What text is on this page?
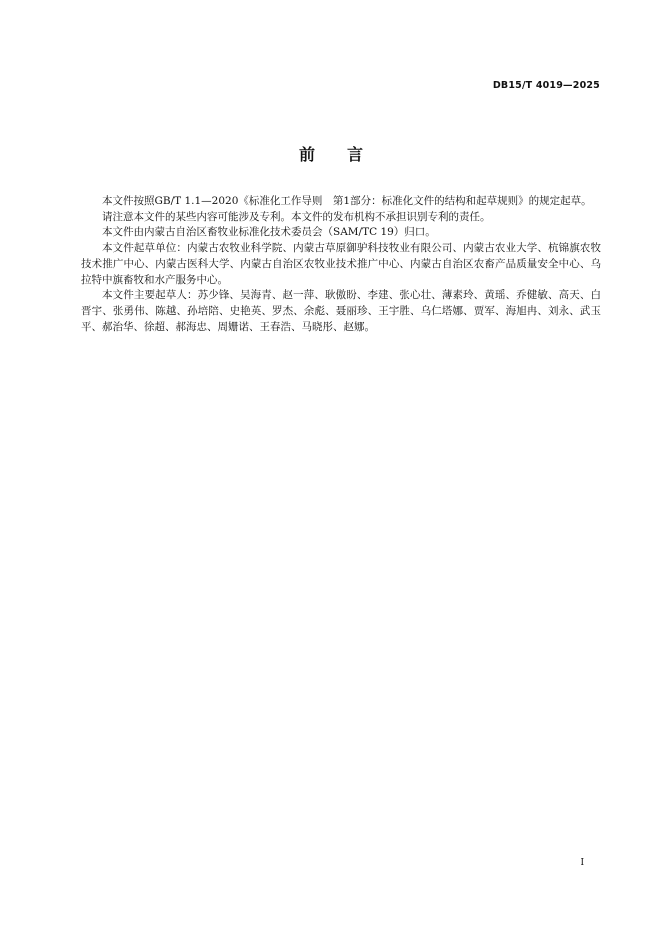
DB15/T 4019—2025
前 言

本文件按照GB/T 1.1—2020《标准化工作导则　第1部分：标准化文件的结构和起草规则》的规定起草。

请注意本文件的某些内容可能涉及专利。本文件的发布机构不承担识别专利的责任。

本文件由内蒙古自治区畜牧业标准化技术委员会（SAM/TC 19）归口。

本文件起草单位：内蒙古农牧业科学院、内蒙古草原御驴科技牧业有限公司、内蒙古农业大学、杭锦旗农牧技术推广中心、内蒙古医科大学、内蒙古自治区农牧业技术推广中心、内蒙古自治区农畜产品质量安全中心、乌拉特中旗畜牧和水产服务中心。

本文件主要起草人：苏少锋、吴海青、赵一萍、耿傲盼、李建、张心壮、薄素玲、黄瑶、乔健敏、高天、白晋宇、张勇伟、陈越、孙培陪、史艳英、罗杰、余彪、聂丽珍、王宇胜、乌仁塔娜、贾军、海旭冉、刘永、武玉平、郝治华、徐超、郝海忠、周姗诺、王春浩、马晓彤、赵娜。

I
